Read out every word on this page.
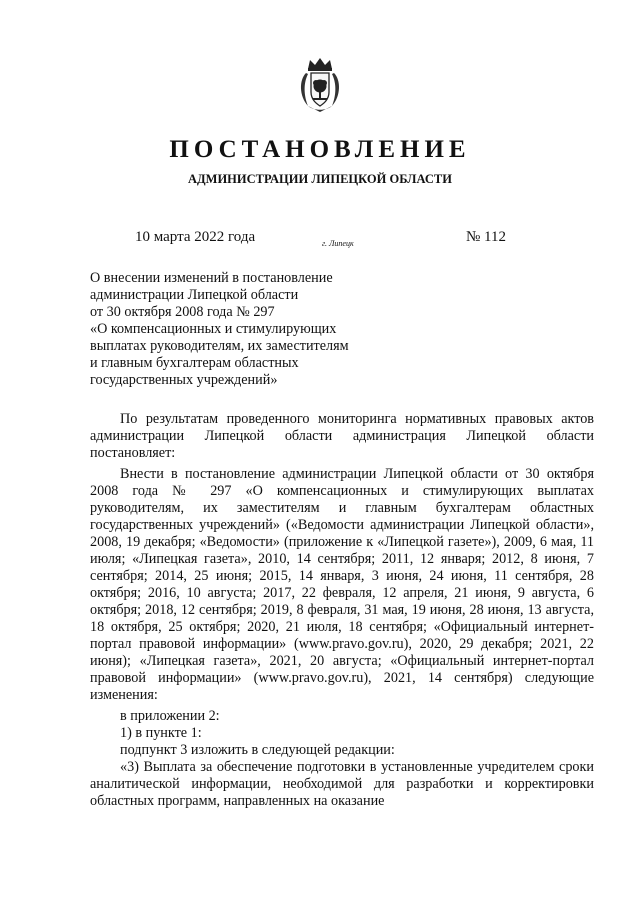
ПОСТАНОВЛЕНИЕ
АДМИНИСТРАЦИИ ЛИПЕЦКОЙ ОБЛАСТИ
10 марта 2022 года	г. Липецк	№ 112
О внесении изменений в постановление
администрации Липецкой области
от 30 октября 2008 года № 297
«О компенсационных и стимулирующих
выплатах руководителям, их заместителям
и главным бухгалтерам областных
государственных учреждений»

По результатам проведенного мониторинга нормативных правовых актов администрации Липецкой области администрация Липецкой области постановляет:

Внести в постановление администрации Липецкой области от 30 октября 2008 года № 297 «О компенсационных и стимулирующих выплатах руководителям, их заместителям и главным бухгалтерам областных государственных учреждений» («Ведомости администрации Липецкой области», 2008, 19 декабря; «Ведомости» (приложение к «Липецкой газете»), 2009, 6 мая, 11 июля; «Липецкая газета», 2010, 14 сентября; 2011, 12 января; 2012, 8 июня, 7 сентября; 2014, 25 июня; 2015, 14 января, 3 июня, 24 июня, 11 сентября, 28 октября; 2016, 10 августа; 2017, 22 февраля, 12 апреля, 21 июня, 9 августа, 6 октября; 2018, 12 сентября; 2019, 8 февраля, 31 мая, 19 июня, 28 июня, 13 августа, 18 октября, 25 октября; 2020, 21 июля, 18 сентября; «Официальный интернет-портал правовой информации» (www.pravo.gov.ru), 2020, 29 декабря; 2021, 22 июня); «Липецкая газета», 2021, 20 августа; «Официальный интернет-портал правовой информации» (www.pravo.gov.ru), 2021, 14 сентября) следующие изменения:

в приложении 2:

1) в пункте 1:

подпункт 3 изложить в следующей редакции:

«3) Выплата за обеспечение подготовки в установленные учредителем сроки аналитической информации, необходимой для разработки и корректировки областных программ, направленных на оказание
